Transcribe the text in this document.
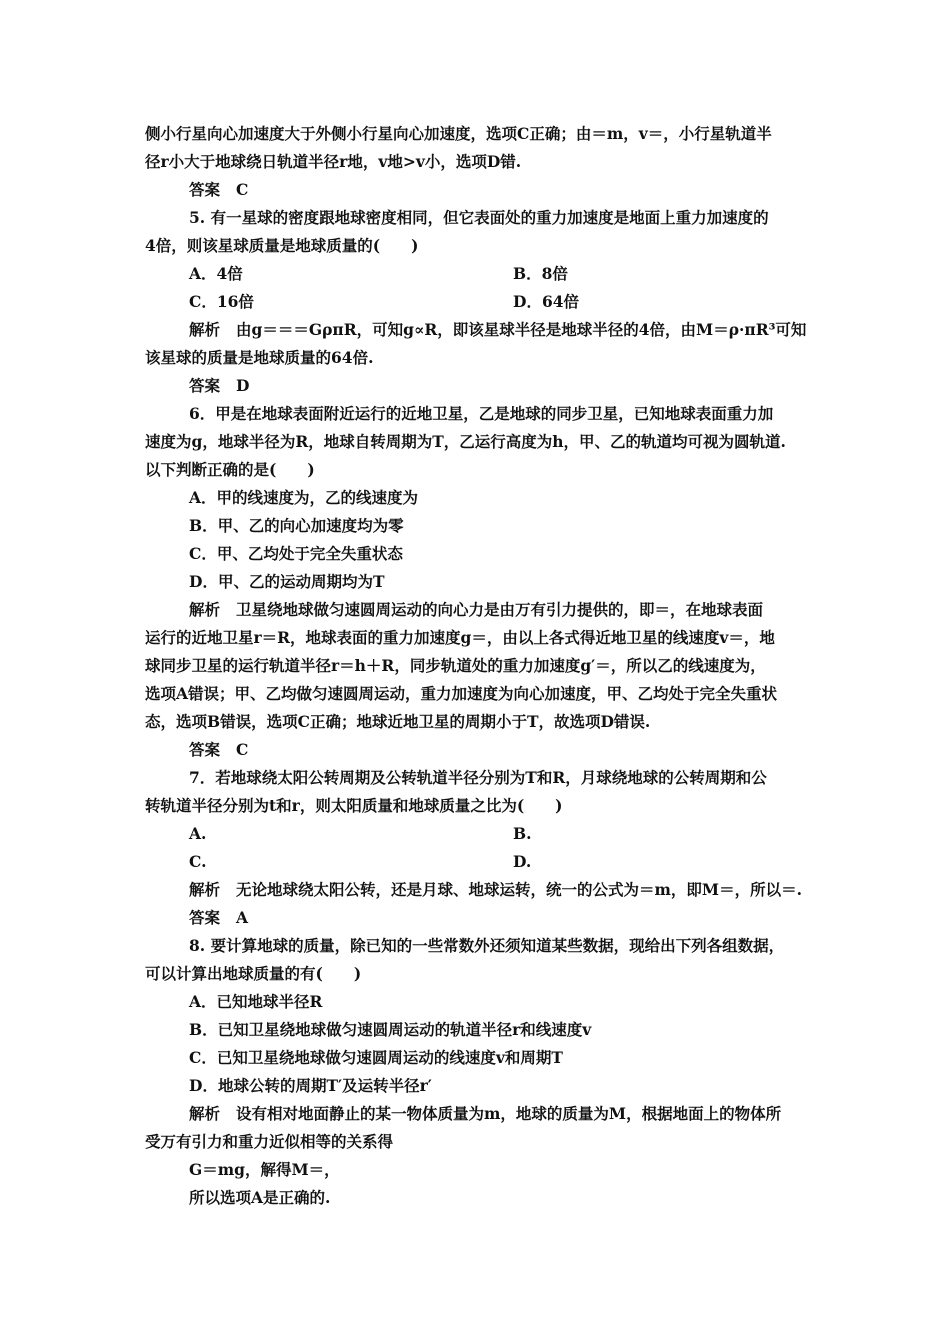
侧小行星向心加速度大于外侧小行星向心加速度，选项C正确；由＝m，v＝，小行星轨道半
径r小大于地球绕日轨道半径r地，v地>v小，选项D错.
答案 C
5. 有一星球的密度跟地球密度相同，但它表面处的重力加速度是地面上重力加速度的
4倍，则该星球质量是地球质量的(　　)
A．4倍	B．8倍
C．16倍	D．64倍
解析 由g＝＝＝GρπR，可知g∝R，即该星球半径是地球半径的4倍，由M＝ρ·πR³可知
该星球的质量是地球质量的64倍.
答案 D
6．甲是在地球表面附近运行的近地卫星，乙是地球的同步卫星，已知地球表面重力加
速度为g，地球半径为R，地球自转周期为T，乙运行高度为h，甲、乙的轨道均可视为圆轨道.
以下判断正确的是(　　)
A．甲的线速度为，乙的线速度为
B．甲、乙的向心加速度均为零
C．甲、乙均处于完全失重状态
D．甲、乙的运动周期均为T
解析 卫星绕地球做匀速圆周运动的向心力是由万有引力提供的，即＝，在地球表面
运行的近地卫星r＝R，地球表面的重力加速度g＝，由以上各式得近地卫星的线速度v＝，地
球同步卫星的运行轨道半径r＝h＋R，同步轨道处的重力加速度g′＝，所以乙的线速度为，
选项A错误；甲、乙均做匀速圆周运动，重力加速度为向心加速度，甲、乙均处于完全失重状
态，选项B错误，选项C正确；地球近地卫星的周期小于T，故选项D错误.
答案 C
7．若地球绕太阳公转周期及公转轨道半径分别为T和R，月球绕地球的公转周期和公
转轨道半径分别为t和r，则太阳质量和地球质量之比为(　　)
A.	B.
C.	D.
解析 无论地球绕太阳公转，还是月球、地球运转，统一的公式为＝m，即M＝，所以＝.
答案 A
8. 要计算地球的质量，除已知的一些常数外还须知道某些数据，现给出下列各组数据，
可以计算出地球质量的有(　　)
A．已知地球半径R
B．已知卫星绕地球做匀速圆周运动的轨道半径r和线速度v
C．已知卫星绕地球做匀速圆周运动的线速度v和周期T
D．地球公转的周期T′及运转半径r′
解析 设有相对地面静止的某一物体质量为m，地球的质量为M，根据地面上的物体所
受万有引力和重力近似相等的关系得
G＝mg，解得M＝，
所以选项A是正确的.
